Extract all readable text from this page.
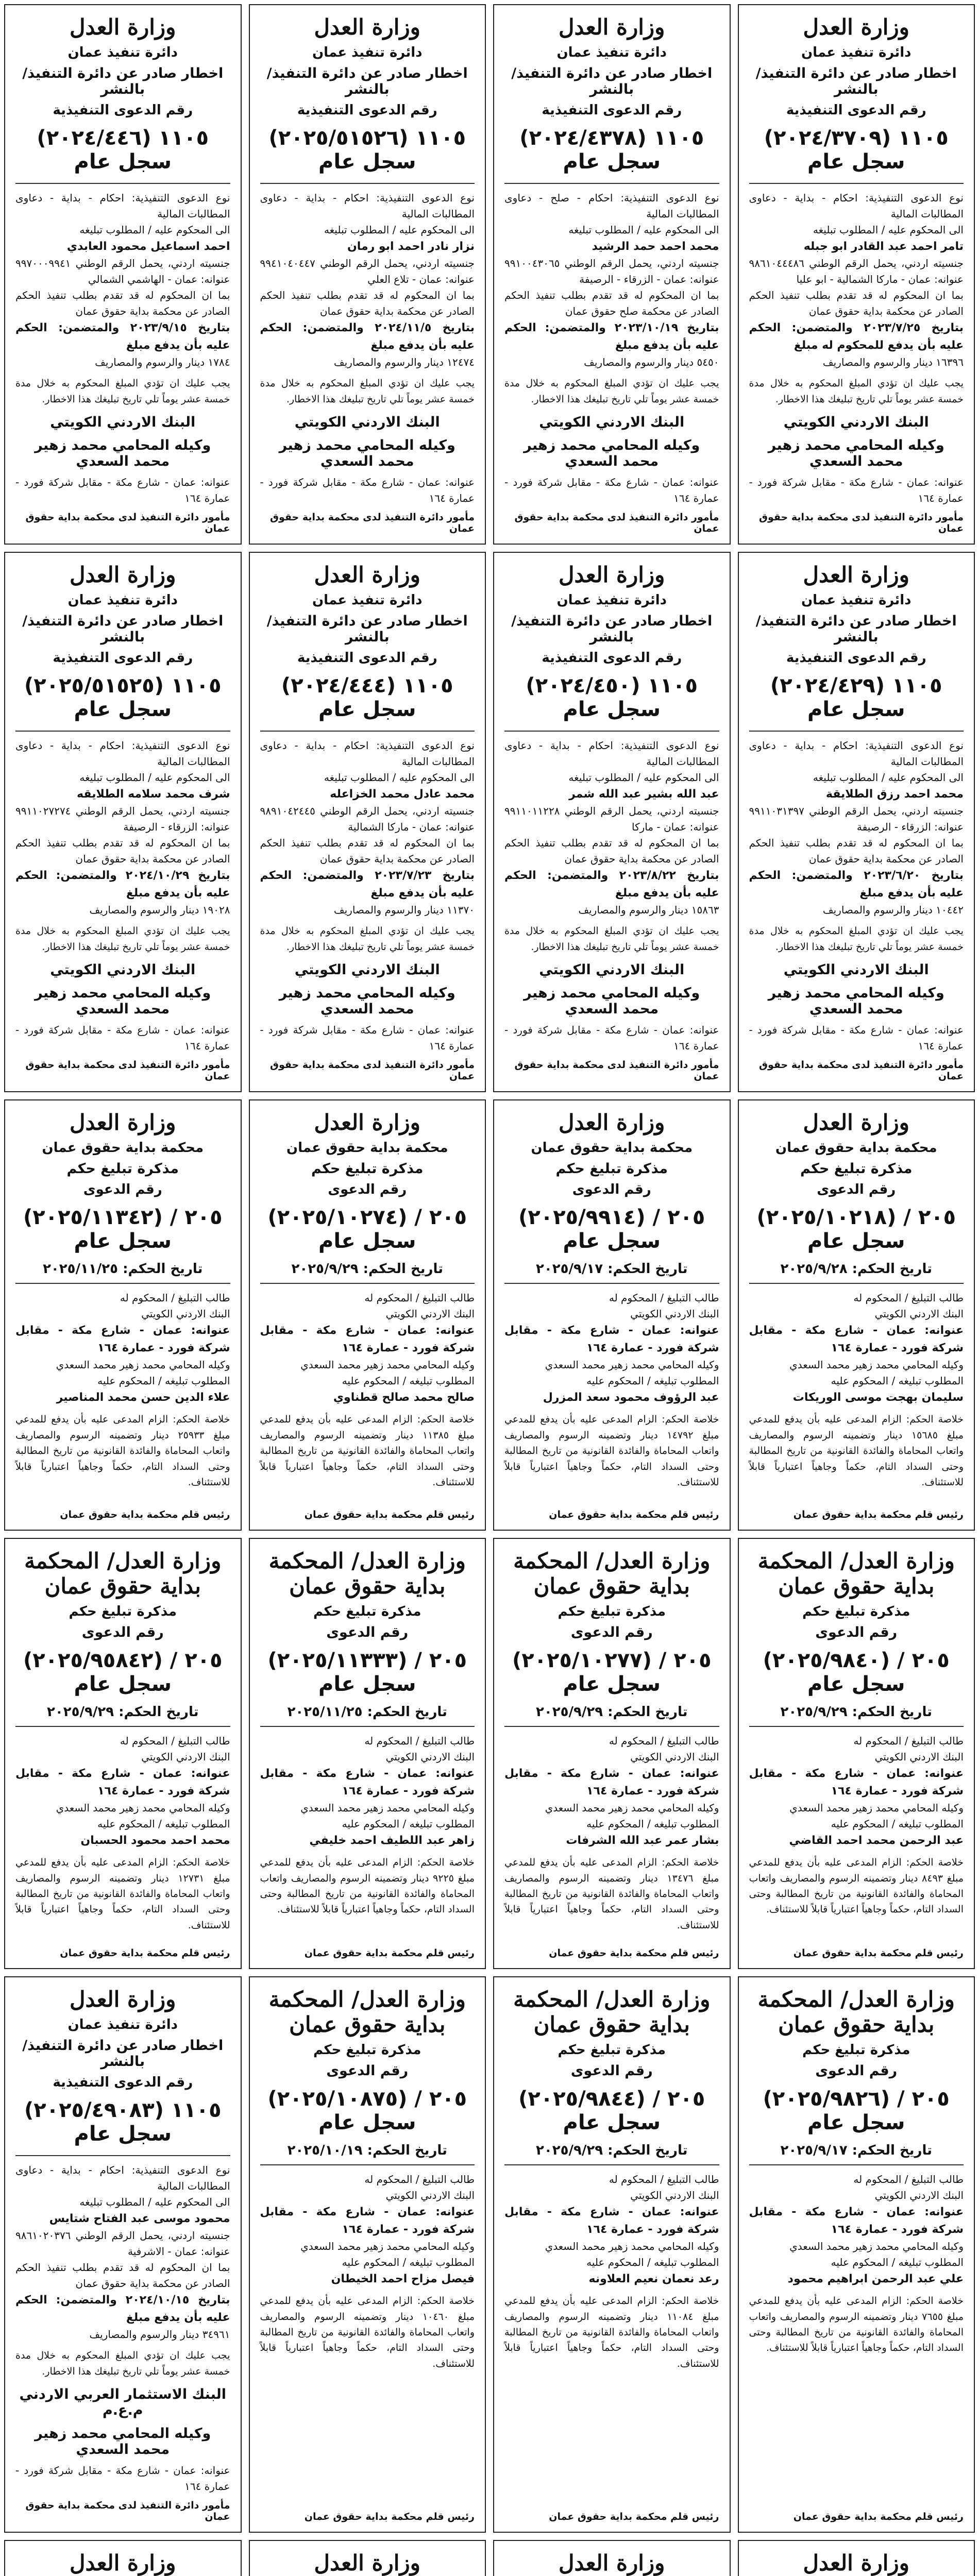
وزارة العدل
دائرة تنفيذ عمان
اخطار صادر عن دائرة التنفيذ/ بالنشر
رقم الدعوى التنفيذية
١١٠٥ (٢٠٢٤/٣٧٠٩) سجل عام
نوع الدعوى التنفيذية: احكام - بداية - دعاوى المطالبات المالية
الى المحكوم عليه / المطلوب تبليغه
تامر احمد عبد القادر ابو جبله
جنسيته اردني، يحمل الرقم الوطني ٩٨٦١٠٤٤٤٨٦ عنوانه: عمان - ماركا الشمالية - ابو عليا
بما ان المحكوم له قد تقدم بطلب تنفيذ الحكم الصادر عن محكمة بداية حقوق عمان
بتاريخ ٢٠٢٣/٧/٢٥ والمتضمن: الحكم عليه بأن يدفع للمحكوم له مبلغ
١٦٣٩٦ دينار والرسوم والمصاريف
يجب عليك ان تؤدي المبلغ المحكوم به خلال مدة خمسة عشر يوماً تلي تاريخ تبليغك هذا الاخطار.
البنك الاردني الكويتي
وكيله المحامي محمد زهير محمد السعدي
عنوانه: عمان - شارع مكة - مقابل شركة فورد - عمارة ١٦٤
مأمور دائرة التنفيذ لدى محكمة بداية حقوق عمان
وزارة العدل
دائرة تنفيذ عمان
اخطار صادر عن دائرة التنفيذ/ بالنشر
رقم الدعوى التنفيذية
١١٠٥ (٢٠٢٤/٤٣٧٨) سجل عام
نوع الدعوى التنفيذية: احكام - صلح - دعاوى المطالبات المالية
الى المحكوم عليه / المطلوب تبليغه
محمد احمد حمد الرشيد
جنسيته اردني، يحمل الرقم الوطني ٩٩١٠٠٤٣٠٦٥ عنوانه: عمان - الزرقاء - الرصيفة
بما ان المحكوم له قد تقدم بطلب تنفيذ الحكم الصادر عن محكمة صلح حقوق عمان
بتاريخ ٢٠٢٣/١٠/١٩ والمتضمن: الحكم عليه بأن يدفع مبلغ
٥٤٥٠ دينار والرسوم والمصاريف
يجب عليك ان تؤدي المبلغ المحكوم به خلال مدة خمسة عشر يوماً تلي تاريخ تبليغك هذا الاخطار.
البنك الاردني الكويتي
وكيله المحامي محمد زهير محمد السعدي
عنوانه: عمان - شارع مكة - مقابل شركة فورد - عمارة ١٦٤
مأمور دائرة التنفيذ لدى محكمة بداية حقوق عمان
وزارة العدل
دائرة تنفيذ عمان
اخطار صادر عن دائرة التنفيذ/ بالنشر
رقم الدعوى التنفيذية
١١٠٥ (٢٠٢٥/٥١٥٢٦) سجل عام
نوع الدعوى التنفيذية: احكام - بداية - دعاوى المطالبات المالية
الى المحكوم عليه / المطلوب تبليغه
نزار نادر احمد ابو رمان
جنسيته اردني، يحمل الرقم الوطني ٩٩٤١٠٤٠٤٤٧ عنوانه: عمان - تلاع العلي
بما ان المحكوم له قد تقدم بطلب تنفيذ الحكم الصادر عن محكمة بداية حقوق عمان
بتاريخ ٢٠٢٤/١١/٥ والمتضمن: الحكم عليه بأن يدفع مبلغ
١٢٤٧٤ دينار والرسوم والمصاريف
يجب عليك ان تؤدي المبلغ المحكوم به خلال مدة خمسة عشر يوماً تلي تاريخ تبليغك هذا الاخطار.
البنك الاردني الكويتي
وكيله المحامي محمد زهير محمد السعدي
عنوانه: عمان - شارع مكة - مقابل شركة فورد - عمارة ١٦٤
مأمور دائرة التنفيذ لدى محكمة بداية حقوق عمان
وزارة العدل
دائرة تنفيذ عمان
اخطار صادر عن دائرة التنفيذ/ بالنشر
رقم الدعوى التنفيذية
١١٠٥ (٢٠٢٤/٤٤٦) سجل عام
نوع الدعوى التنفيذية: احكام - بداية - دعاوى المطالبات المالية
الى المحكوم عليه / المطلوب تبليغه
احمد اسماعيل محمود العابدي
جنسيته اردني، يحمل الرقم الوطني ٩٩٧٠٠٠٩٩٤١ عنوانه: عمان - الهاشمي الشمالي
بما ان المحكوم له قد تقدم بطلب تنفيذ الحكم الصادر عن محكمة بداية حقوق عمان
بتاريخ ٢٠٢٣/٩/١٥ والمتضمن: الحكم عليه بأن يدفع مبلغ
١٧٨٤ دينار والرسوم والمصاريف
يجب عليك ان تؤدي المبلغ المحكوم به خلال مدة خمسة عشر يوماً تلي تاريخ تبليغك هذا الاخطار.
البنك الاردني الكويتي
وكيله المحامي محمد زهير محمد السعدي
عنوانه: عمان - شارع مكة - مقابل شركة فورد - عمارة ١٦٤
مأمور دائرة التنفيذ لدى محكمة بداية حقوق عمان
وزارة العدل
دائرة تنفيذ عمان
اخطار صادر عن دائرة التنفيذ/ بالنشر
رقم الدعوى التنفيذية
١١٠٥ (٢٠٢٤/٤٢٩) سجل عام
نوع الدعوى التنفيذية: احكام - بداية - دعاوى المطالبات المالية
الى المحكوم عليه / المطلوب تبليغه
محمد احمد رزق الطلايقة
جنسيته اردني، يحمل الرقم الوطني ٩٩١١٠٣١٣٩٧ عنوانه: الزرقاء - الرصيفة
بما ان المحكوم له قد تقدم بطلب تنفيذ الحكم الصادر عن محكمة بداية حقوق عمان
بتاريخ ٢٠٢٣/٦/٢٠ والمتضمن: الحكم عليه بأن يدفع مبلغ
١٠٤٤٢ دينار والرسوم والمصاريف
يجب عليك ان تؤدي المبلغ المحكوم به خلال مدة خمسة عشر يوماً تلي تاريخ تبليغك هذا الاخطار.
البنك الاردني الكويتي
وكيله المحامي محمد زهير محمد السعدي
عنوانه: عمان - شارع مكة - مقابل شركة فورد - عمارة ١٦٤
مأمور دائرة التنفيذ لدى محكمة بداية حقوق عمان
وزارة العدل
دائرة تنفيذ عمان
اخطار صادر عن دائرة التنفيذ/ بالنشر
رقم الدعوى التنفيذية
١١٠٥ (٢٠٢٤/٤٥٠) سجل عام
نوع الدعوى التنفيذية: احكام - بداية - دعاوى المطالبات المالية
الى المحكوم عليه / المطلوب تبليغه
عبد الله بشير عبد الله شمر
جنسيته اردني، يحمل الرقم الوطني ٩٩١١٠١١٢٢٨ عنوانه: عمان - ماركا
بما ان المحكوم له قد تقدم بطلب تنفيذ الحكم الصادر عن محكمة بداية حقوق عمان
بتاريخ ٢٠٢٣/٨/٢٢ والمتضمن: الحكم عليه بأن يدفع مبلغ
١٥٨٦٣ دينار والرسوم والمصاريف
يجب عليك ان تؤدي المبلغ المحكوم به خلال مدة خمسة عشر يوماً تلي تاريخ تبليغك هذا الاخطار.
البنك الاردني الكويتي
وكيله المحامي محمد زهير محمد السعدي
عنوانه: عمان - شارع مكة - مقابل شركة فورد - عمارة ١٦٤
مأمور دائرة التنفيذ لدى محكمة بداية حقوق عمان
وزارة العدل
دائرة تنفيذ عمان
اخطار صادر عن دائرة التنفيذ/ بالنشر
رقم الدعوى التنفيذية
١١٠٥ (٢٠٢٤/٤٤٤) سجل عام
نوع الدعوى التنفيذية: احكام - بداية - دعاوى المطالبات المالية
الى المحكوم عليه / المطلوب تبليغه
محمد عادل محمد الخزاعله
جنسيته اردني، يحمل الرقم الوطني ٩٨٩١٠٤٢٤٤٥ عنوانه: عمان - ماركا الشمالية
بما ان المحكوم له قد تقدم بطلب تنفيذ الحكم الصادر عن محكمة بداية حقوق عمان
بتاريخ ٢٠٢٣/٧/٢٣ والمتضمن: الحكم عليه بأن يدفع مبلغ
١١٣٧٠ دينار والرسوم والمصاريف
يجب عليك ان تؤدي المبلغ المحكوم به خلال مدة خمسة عشر يوماً تلي تاريخ تبليغك هذا الاخطار.
البنك الاردني الكويتي
وكيله المحامي محمد زهير محمد السعدي
عنوانه: عمان - شارع مكة - مقابل شركة فورد - عمارة ١٦٤
مأمور دائرة التنفيذ لدى محكمة بداية حقوق عمان
وزارة العدل
دائرة تنفيذ عمان
اخطار صادر عن دائرة التنفيذ/ بالنشر
رقم الدعوى التنفيذية
١١٠٥ (٢٠٢٥/٥١٥٢٥) سجل عام
نوع الدعوى التنفيذية: احكام - بداية - دعاوى المطالبات المالية
الى المحكوم عليه / المطلوب تبليغه
شرف محمد سلامه الطلايقه
جنسيته اردني، يحمل الرقم الوطني ٩٩١١٠٢٧٢٧٤ عنوانه: الزرقاء - الرصيفة
بما ان المحكوم له قد تقدم بطلب تنفيذ الحكم الصادر عن محكمة بداية حقوق عمان
بتاريخ ٢٠٢٤/١٠/٢٩ والمتضمن: الحكم عليه بأن يدفع مبلغ
١٩٠٢٨ دينار والرسوم والمصاريف
يجب عليك ان تؤدي المبلغ المحكوم به خلال مدة خمسة عشر يوماً تلي تاريخ تبليغك هذا الاخطار.
البنك الاردني الكويتي
وكيله المحامي محمد زهير محمد السعدي
عنوانه: عمان - شارع مكة - مقابل شركة فورد - عمارة ١٦٤
مأمور دائرة التنفيذ لدى محكمة بداية حقوق عمان
وزارة العدل
محكمة بداية حقوق عمان
مذكرة تبليغ حكم
رقم الدعوى
٢٠٥ / (٢٠٢٥/١٠٢١٨) سجل عام
تاريخ الحكم: ٢٠٢٥/٩/٢٨
طالب التبليغ / المحكوم له
البنك الاردني الكويتي
عنوانه: عمان - شارع مكة - مقابل شركة فورد - عمارة ١٦٤
وكيله المحامي محمد زهير محمد السعدي
المطلوب تبليغه / المحكوم عليه
سليمان بهجت موسى الوريكات
خلاصة الحكم: الزام المدعى عليه بأن يدفع للمدعي مبلغ ١٥٦٨٥ دينار وتضمينه الرسوم والمصاريف واتعاب المحاماة والفائدة القانونية من تاريخ المطالبة وحتى السداد التام، حكماً وجاهياً اعتبارياً قابلاً للاستئناف.
رئيس قلم محكمة بداية حقوق عمان
وزارة العدل
محكمة بداية حقوق عمان
مذكرة تبليغ حكم
رقم الدعوى
٢٠٥ / (٢٠٢٥/٩٩١٤) سجل عام
تاريخ الحكم: ٢٠٢٥/٩/١٧
طالب التبليغ / المحكوم له
البنك الاردني الكويتي
عنوانه: عمان - شارع مكة - مقابل شركة فورد - عمارة ١٦٤
وكيله المحامي محمد زهير محمد السعدي
المطلوب تبليغه / المحكوم عليه
عبد الرؤوف محمود سعد المزرل
خلاصة الحكم: الزام المدعى عليه بأن يدفع للمدعي مبلغ ١٤٧٩٢ دينار وتضمينه الرسوم والمصاريف واتعاب المحاماة والفائدة القانونية من تاريخ المطالبة وحتى السداد التام، حكماً وجاهياً اعتبارياً قابلاً للاستئناف.
رئيس قلم محكمة بداية حقوق عمان
وزارة العدل
محكمة بداية حقوق عمان
مذكرة تبليغ حكم
رقم الدعوى
٢٠٥ / (٢٠٢٥/١٠٢٧٤) سجل عام
تاريخ الحكم: ٢٠٢٥/٩/٢٩
طالب التبليغ / المحكوم له
البنك الاردني الكويتي
عنوانه: عمان - شارع مكة - مقابل شركة فورد - عمارة ١٦٤
وكيله المحامي محمد زهير محمد السعدي
المطلوب تبليغه / المحكوم عليه
صالح محمد صالح قطناوي
خلاصة الحكم: الزام المدعى عليه بأن يدفع للمدعي مبلغ ١١٣٨٥ دينار وتضمينه الرسوم والمصاريف واتعاب المحاماة والفائدة القانونية من تاريخ المطالبة وحتى السداد التام، حكماً وجاهياً اعتبارياً قابلاً للاستئناف.
رئيس قلم محكمة بداية حقوق عمان
وزارة العدل
محكمة بداية حقوق عمان
مذكرة تبليغ حكم
رقم الدعوى
٢٠٥ / (٢٠٢٥/١١٣٤٢) سجل عام
تاريخ الحكم: ٢٠٢٥/١١/٢٥
طالب التبليغ / المحكوم له
البنك الاردني الكويتي
عنوانه: عمان - شارع مكة - مقابل شركة فورد - عمارة ١٦٤
وكيله المحامي محمد زهير محمد السعدي
المطلوب تبليغه / المحكوم عليه
علاء الدين حسن محمد المناصير
خلاصة الحكم: الزام المدعى عليه بأن يدفع للمدعي مبلغ ٢٥٩٣٣ دينار وتضمينه الرسوم والمصاريف واتعاب المحاماة والفائدة القانونية من تاريخ المطالبة وحتى السداد التام، حكماً وجاهياً اعتبارياً قابلاً للاستئناف.
رئيس قلم محكمة بداية حقوق عمان
وزارة العدل/ المحكمة بداية حقوق عمان
مذكرة تبليغ حكم
رقم الدعوى
٢٠٥ / (٢٠٢٥/٩٨٤٠) سجل عام
تاريخ الحكم: ٢٠٢٥/٩/٢٩
طالب التبليغ / المحكوم له
البنك الاردني الكويتي
عنوانه: عمان - شارع مكة - مقابل شركة فورد - عمارة ١٦٤
وكيله المحامي محمد زهير محمد السعدي
المطلوب تبليغه / المحكوم عليه
عبد الرحمن محمد احمد القاضي
خلاصة الحكم: الزام المدعى عليه بأن يدفع للمدعي مبلغ ٨٤٩٣ دينار وتضمينه الرسوم والمصاريف واتعاب المحاماة والفائدة القانونية من تاريخ المطالبة وحتى السداد التام، حكماً وجاهياً اعتبارياً قابلاً للاستئناف.
رئيس قلم محكمة بداية حقوق عمان
وزارة العدل/ المحكمة بداية حقوق عمان
مذكرة تبليغ حكم
رقم الدعوى
٢٠٥ / (٢٠٢٥/١٠٢٧٧) سجل عام
تاريخ الحكم: ٢٠٢٥/٩/٢٩
طالب التبليغ / المحكوم له
البنك الاردني الكويتي
عنوانه: عمان - شارع مكة - مقابل شركة فورد - عمارة ١٦٤
وكيله المحامي محمد زهير محمد السعدي
المطلوب تبليغه / المحكوم عليه
بشار عمر عبد الله الشرفات
خلاصة الحكم: الزام المدعى عليه بأن يدفع للمدعي مبلغ ١٣٤٧٦ دينار وتضمينه الرسوم والمصاريف واتعاب المحاماة والفائدة القانونية من تاريخ المطالبة وحتى السداد التام، حكماً وجاهياً اعتبارياً قابلاً للاستئناف.
رئيس قلم محكمة بداية حقوق عمان
وزارة العدل/ المحكمة بداية حقوق عمان
مذكرة تبليغ حكم
رقم الدعوى
٢٠٥ / (٢٠٢٥/١١٣٣٣) سجل عام
تاريخ الحكم: ٢٠٢٥/١١/٢٥
طالب التبليغ / المحكوم له
البنك الاردني الكويتي
عنوانه: عمان - شارع مكة - مقابل شركة فورد - عمارة ١٦٤
وكيله المحامي محمد زهير محمد السعدي
المطلوب تبليغه / المحكوم عليه
زاهر عبد اللطيف احمد خليفي
خلاصة الحكم: الزام المدعى عليه بأن يدفع للمدعي مبلغ ٩٢٢٥ دينار وتضمينه الرسوم والمصاريف واتعاب المحاماة والفائدة القانونية من تاريخ المطالبة وحتى السداد التام، حكماً وجاهياً اعتبارياً قابلاً للاستئناف.
رئيس قلم محكمة بداية حقوق عمان
وزارة العدل/ المحكمة بداية حقوق عمان
مذكرة تبليغ حكم
رقم الدعوى
٢٠٥ / (٢٠٢٥/٩٥٨٤٢) سجل عام
تاريخ الحكم: ٢٠٢٥/٩/٢٩
طالب التبليغ / المحكوم له
البنك الاردني الكويتي
عنوانه: عمان - شارع مكة - مقابل شركة فورد - عمارة ١٦٤
وكيله المحامي محمد زهير محمد السعدي
المطلوب تبليغه / المحكوم عليه
محمد احمد محمود الحسبان
خلاصة الحكم: الزام المدعى عليه بأن يدفع للمدعي مبلغ ١٢٧٣١ دينار وتضمينه الرسوم والمصاريف واتعاب المحاماة والفائدة القانونية من تاريخ المطالبة وحتى السداد التام، حكماً وجاهياً اعتبارياً قابلاً للاستئناف.
رئيس قلم محكمة بداية حقوق عمان
وزارة العدل/ المحكمة بداية حقوق عمان
مذكرة تبليغ حكم
رقم الدعوى
٢٠٥ / (٢٠٢٥/٩٨٢٦) سجل عام
تاريخ الحكم: ٢٠٢٥/٩/١٧
طالب التبليغ / المحكوم له
البنك الاردني الكويتي
عنوانه: عمان - شارع مكة - مقابل شركة فورد - عمارة ١٦٤
وكيله المحامي محمد زهير محمد السعدي
المطلوب تبليغه / المحكوم عليه
علي عبد الرحمن ابراهيم محمود
خلاصة الحكم: الزام المدعى عليه بأن يدفع للمدعي مبلغ ٧٦٥٥ دينار وتضمينه الرسوم والمصاريف واتعاب المحاماة والفائدة القانونية من تاريخ المطالبة وحتى السداد التام، حكماً وجاهياً اعتبارياً قابلاً للاستئناف.
رئيس قلم محكمة بداية حقوق عمان
وزارة العدل/ المحكمة بداية حقوق عمان
مذكرة تبليغ حكم
رقم الدعوى
٢٠٥ / (٢٠٢٥/٩٨٤٤) سجل عام
تاريخ الحكم: ٢٠٢٥/٩/٢٩
طالب التبليغ / المحكوم له
البنك الاردني الكويتي
عنوانه: عمان - شارع مكة - مقابل شركة فورد - عمارة ١٦٤
وكيله المحامي محمد زهير محمد السعدي
المطلوب تبليغه / المحكوم عليه
رعد نعمان نعيم العلاونه
خلاصة الحكم: الزام المدعى عليه بأن يدفع للمدعي مبلغ ١١٠٨٤ دينار وتضمينه الرسوم والمصاريف واتعاب المحاماة والفائدة القانونية من تاريخ المطالبة وحتى السداد التام، حكماً وجاهياً اعتبارياً قابلاً للاستئناف.
رئيس قلم محكمة بداية حقوق عمان
وزارة العدل/ المحكمة بداية حقوق عمان
مذكرة تبليغ حكم
رقم الدعوى
٢٠٥ / (٢٠٢٥/١٠٨٧٥) سجل عام
تاريخ الحكم: ٢٠٢٥/١٠/١٩
طالب التبليغ / المحكوم له
البنك الاردني الكويتي
عنوانه: عمان - شارع مكة - مقابل شركة فورد - عمارة ١٦٤
وكيله المحامي محمد زهير محمد السعدي
المطلوب تبليغه / المحكوم عليه
فيصل مزاح احمد الخيطان
خلاصة الحكم: الزام المدعى عليه بأن يدفع للمدعي مبلغ ١٠٤٦٠ دينار وتضمينه الرسوم والمصاريف واتعاب المحاماة والفائدة القانونية من تاريخ المطالبة وحتى السداد التام، حكماً وجاهياً اعتبارياً قابلاً للاستئناف.
رئيس قلم محكمة بداية حقوق عمان
وزارة العدل
دائرة تنفيذ عمان
اخطار صادر عن دائرة التنفيذ/ بالنشر
رقم الدعوى التنفيذية
١١٠٥ (٢٠٢٥/٤٩٠٨٣) سجل عام
نوع الدعوى التنفيذية: احكام - بداية - دعاوى المطالبات المالية
الى المحكوم عليه / المطلوب تبليغه
محمود موسى عبد الفتاح شتايس
جنسيته اردني، يحمل الرقم الوطني ٩٨٦١٠٢٠٣٧٦ عنوانه: عمان - الاشرفية
بما ان المحكوم له قد تقدم بطلب تنفيذ الحكم الصادر عن محكمة بداية حقوق عمان
بتاريخ ٢٠٢٤/١٠/١٥ والمتضمن: الحكم عليه بأن يدفع مبلغ
٣٤٩٦١ دينار والرسوم والمصاريف
يجب عليك ان تؤدي المبلغ المحكوم به خلال مدة خمسة عشر يوماً تلي تاريخ تبليغك هذا الاخطار.
البنك الاستثمار العربي الاردني م.ع.م
وكيله المحامي محمد زهير محمد السعدي
عنوانه: عمان - شارع مكة - مقابل شركة فورد - عمارة ١٦٤
مأمور دائرة التنفيذ لدى محكمة بداية حقوق عمان
وزارة العدل
وزارة العدل
وزارة العدل
وزارة العدل
